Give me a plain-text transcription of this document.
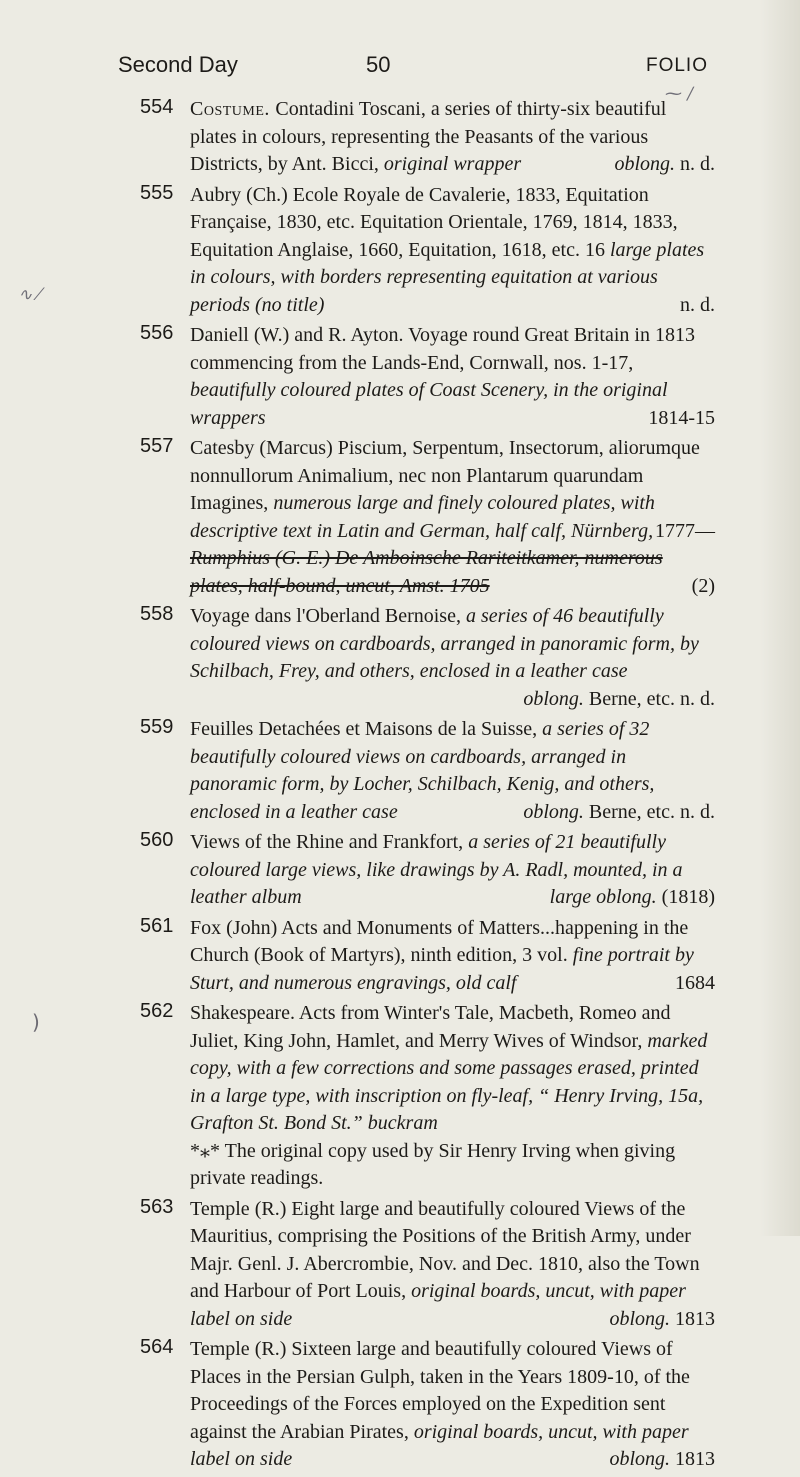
Second Day	50	FOLIO
554 Costume. Contadini Toscani, a series of thirty-six beautiful plates in colours, representing the Peasants of the various Districts, by Ant. Bicci, original wrapper	oblong. n. d.
555 Aubry (Ch.) Ecole Royale de Cavalerie, 1833, Equitation Française, 1830, etc. Equitation Orientale, 1769, 1814, 1833, Equitation Anglaise, 1660, Equitation, 1618, etc. 16 large plates in colours, with borders representing equitation at various periods (no title)	n. d.
556 Daniell (W.) and R. Ayton. Voyage round Great Britain in 1813 commencing from the Lands-End, Cornwall, nos. 1-17, beautifully coloured plates of Coast Scenery, in the original wrappers	1814-15
557 Catesby (Marcus) Piscium, Serpentum, Insectorum, aliorumque nonnullorum Animalium, nec non Plantarum quarundam Imagines, numerous large and finely coloured plates, with descriptive text in Latin and German, half calf, Nürnberg, 1777—
Rumphius (G. E.) De Amboinsche Rariteitkamer, numerous plates, half-bound, uncut, Amst. 1705	(2)
558 Voyage dans l'Oberland Bernoise, a series of 46 beautifully coloured views on cardboards, arranged in panoramic form, by Schilbach, Frey, and others, enclosed in a leather case
oblong. Berne, etc. n. d.
559 Feuilles Detachées et Maisons de la Suisse, a series of 32 beautifully coloured views on cardboards, arranged in panoramic form, by Locher, Schilbach, Kenig, and others, enclosed in a leather case	oblong. Berne, etc. n. d.
560 Views of the Rhine and Frankfort, a series of 21 beautifully coloured large views, like drawings by A. Radl, mounted, in a leather album	large oblong. (1818)
561 Fox (John) Acts and Monuments of Matters...happening in the Church (Book of Martyrs), ninth edition, 3 vol. fine portrait by Sturt, and numerous engravings, old calf	1684
562 Shakespeare. Acts from Winter's Tale, Macbeth, Romeo and Juliet, King John, Hamlet, and Merry Wives of Windsor, marked copy, with a few corrections and some passages erased, printed in a large type, with inscription on fly-leaf, “ Henry Irving, 15a, Grafton St. Bond St.” buckram
*⁎* The original copy used by Sir Henry Irving when giving private readings.
563 Temple (R.) Eight large and beautifully coloured Views of the Mauritius, comprising the Positions of the British Army, under Majr. Genl. J. Abercrombie, Nov. and Dec. 1810, also the Town and Harbour of Port Louis, original boards, uncut, with paper label on side	oblong. 1813
564 Temple (R.) Sixteen large and beautifully coloured Views of Places in the Persian Gulph, taken in the Years 1809-10, of the Proceedings of the Forces employed on the Expedition sent against the Arabian Pirates, original boards, uncut, with paper label on side	oblong. 1813
⁓ ∕
∿ ⁄
)
